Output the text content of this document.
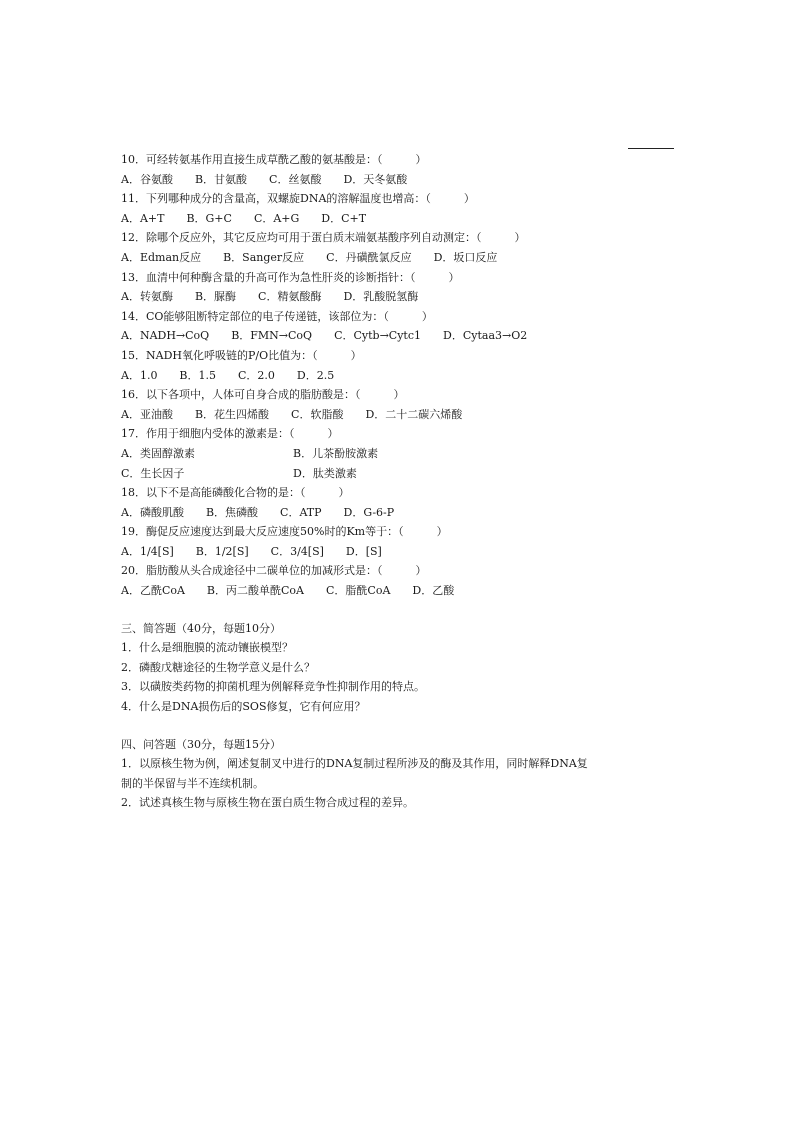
10．可经转氨基作用直接生成草酰乙酸的氨基酸是：（　　　）
A．谷氨酸　　B．甘氨酸　　C．丝氨酸　　D．天冬氨酸
11．下列哪种成分的含量高，双螺旋DNA的溶解温度也增高：（　　　）
A．A+T　　B．G+C　　C．A+G　　D．C+T
12．除哪个反应外，其它反应均可用于蛋白质末端氨基酸序列自动测定：（　　　）
A．Edman反应　　B．Sanger反应　　C．丹磺酰氯反应　　D．坂口反应
13．血清中何种酶含量的升高可作为急性肝炎的诊断指针：（　　　）
A．转氨酶　　B．脲酶　　C．精氨酸酶　　D．乳酸脱氢酶
14．CO能够阻断特定部位的电子传递链，该部位为：（　　　）
A．NADH→CoQ　　B．FMN→CoQ　　C．Cytb→Cytc1　　D．Cytaa3→O2
15．NADH氧化呼吸链的P/O比值为：（　　　）
A．1.0　　B．1.5　　C．2.0　　D．2.5
16．以下各项中，人体可自身合成的脂肪酸是：（　　　）
A．亚油酸　　B．花生四烯酸　　C．软脂酸　　D．二十二碳六烯酸
17．作用于细胞内受体的激素是：（　　　）
A．类固醇激素	B．儿茶酚胺激素
C．生长因子	D．肽类激素
18．以下不是高能磷酸化合物的是：（　　　）
A．磷酸肌酸　　B．焦磷酸　　C．ATP　　D．G-6-P
19．酶促反应速度达到最大反应速度50%时的Km等于：（　　　）
A．1/4[S]　　B．1/2[S]　　C．3/4[S]　　D．[S]
20．脂肪酸从头合成途径中二碳单位的加减形式是：（　　　）
A．乙酰CoA　　B．丙二酸单酰CoA　　C．脂酰CoA　　D．乙酸
三、简答题（40分，每题10分）
1．什么是细胞膜的流动镶嵌模型？
2．磷酸戊糖途径的生物学意义是什么？
3．以磺胺类药物的抑菌机理为例解释竞争性抑制作用的特点。
4．什么是DNA损伤后的SOS修复，它有何应用？
四、问答题（30分，每题15分）
1．以原核生物为例，阐述复制叉中进行的DNA复制过程所涉及的酶及其作用，同时解释DNA复
制的半保留与半不连续机制。
2．试述真核生物与原核生物在蛋白质生物合成过程的差异。
